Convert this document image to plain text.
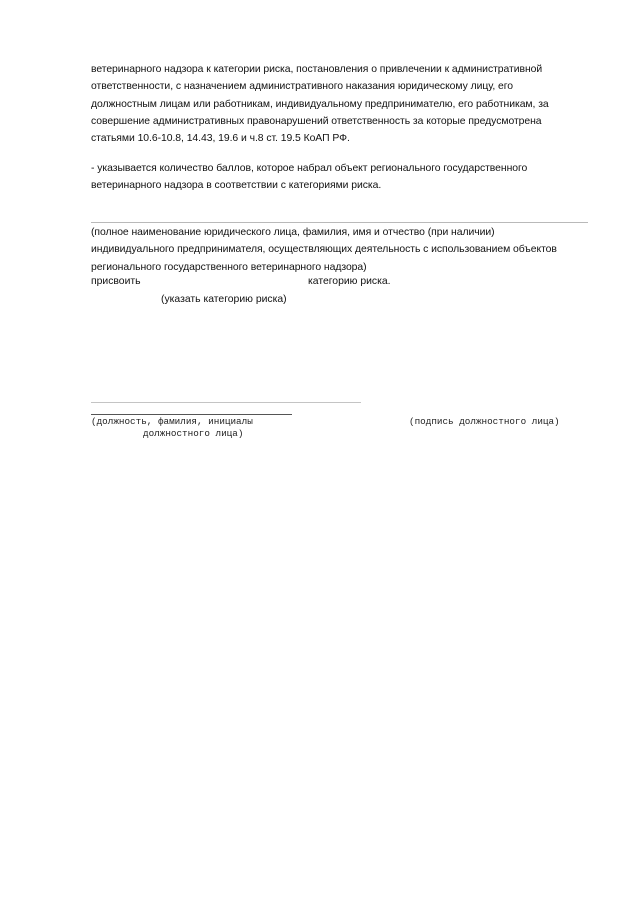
ветеринарного надзора к категории риска, постановления о привлечении к административной
ответственности, с назначением административного наказания юридическому лицу, его
должностным лицам или работникам, индивидуальному предпринимателю, его работникам, за
совершение административных правонарушений ответственность за которые предусмотрена
статьями 10.6-10.8, 14.43, 19.6 и ч.8 ст. 19.5 КоАП РФ.
- указывается количество баллов, которое набрал объект регионального государственного
ветеринарного надзора в соответствии с категориями риска.
(полное наименование юридического лица, фамилия, имя и отчество (при наличии)
индивидуального предпринимателя, осуществляющих деятельность с использованием объектов
регионального государственного ветеринарного надзора)
присвоить	категорию риска.
(указать категорию риска)
(должность, фамилия, инициалы
должностного лица)
(подпись должностного лица)
